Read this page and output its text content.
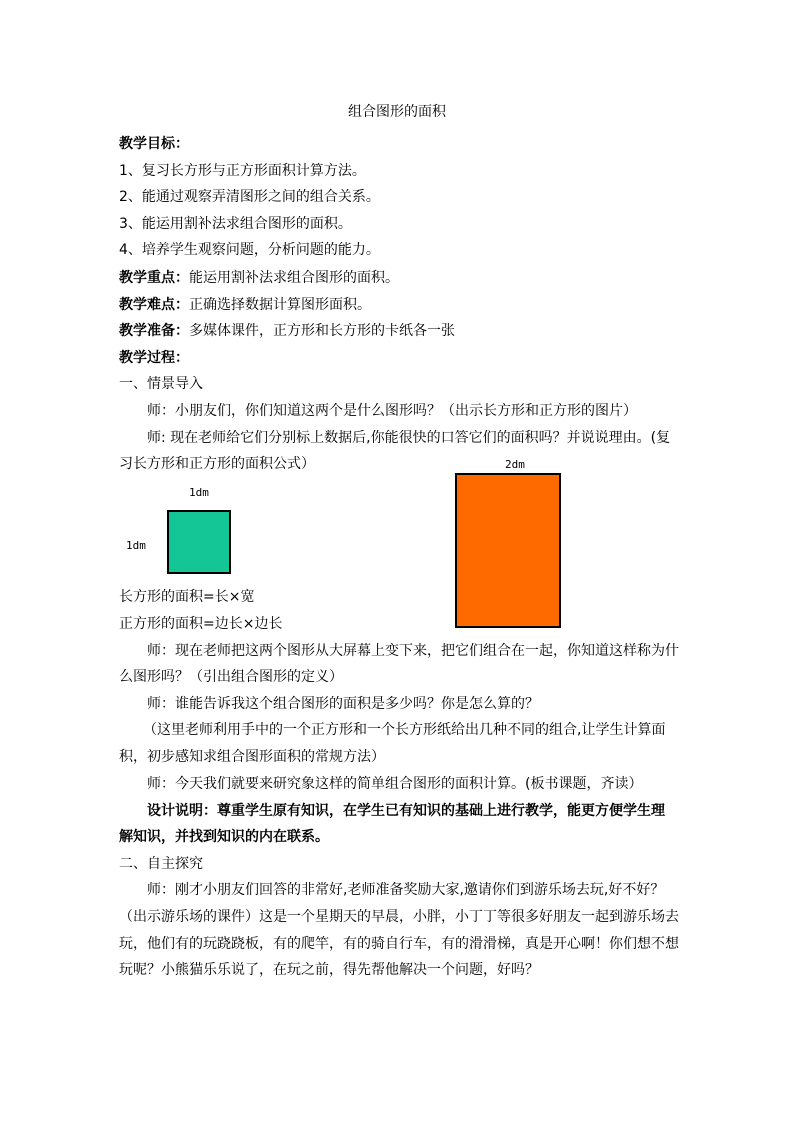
组合图形的面积
教学目标：
1、复习长方形与正方形面积计算方法。
2、能通过观察弄清图形之间的组合关系。
3、能运用割补法求组合图形的面积。
4、培养学生观察问题，分析问题的能力。
教学重点：能运用割补法求组合图形的面积。
教学难点：正确选择数据计算图形面积。
教学准备：多媒体课件，正方形和长方形的卡纸各一张
教学过程：
一、情景导入
师：小朋友们，你们知道这两个是什么图形吗？（出示长方形和正方形的图片）
师: 现在老师给它们分别标上数据后,你能很快的口答它们的面积吗？并说说理由。(复
习长方形和正方形的面积公式）
1dm
1dm
2dm
长方形的面积=长×宽
正方形的面积=边长×边长
师：现在老师把这两个图形从大屏幕上变下来，把它们组合在一起，你知道这样称为什
么图形吗？（引出组合图形的定义）
师：谁能告诉我这个组合图形的面积是多少吗？你是怎么算的？
（这里老师利用手中的一个正方形和一个长方形纸给出几种不同的组合,让学生计算面
积，初步感知求组合图形面积的常规方法）
师：今天我们就要来研究象这样的简单组合图形的面积计算。(板书课题，齐读）
设计说明：尊重学生原有知识，在学生已有知识的基础上进行教学，能更方便学生理
解知识，并找到知识的内在联系。
二、自主探究
师：刚才小朋友们回答的非常好,老师准备奖励大家,邀请你们到游乐场去玩,好不好？
（出示游乐场的课件）这是一个星期天的早晨，小胖，小丁丁等很多好朋友一起到游乐场去
玩，他们有的玩跷跷板，有的爬竿，有的骑自行车，有的滑滑梯，真是开心啊！你们想不想
玩呢？小熊猫乐乐说了，在玩之前，得先帮他解决一个问题，好吗？
